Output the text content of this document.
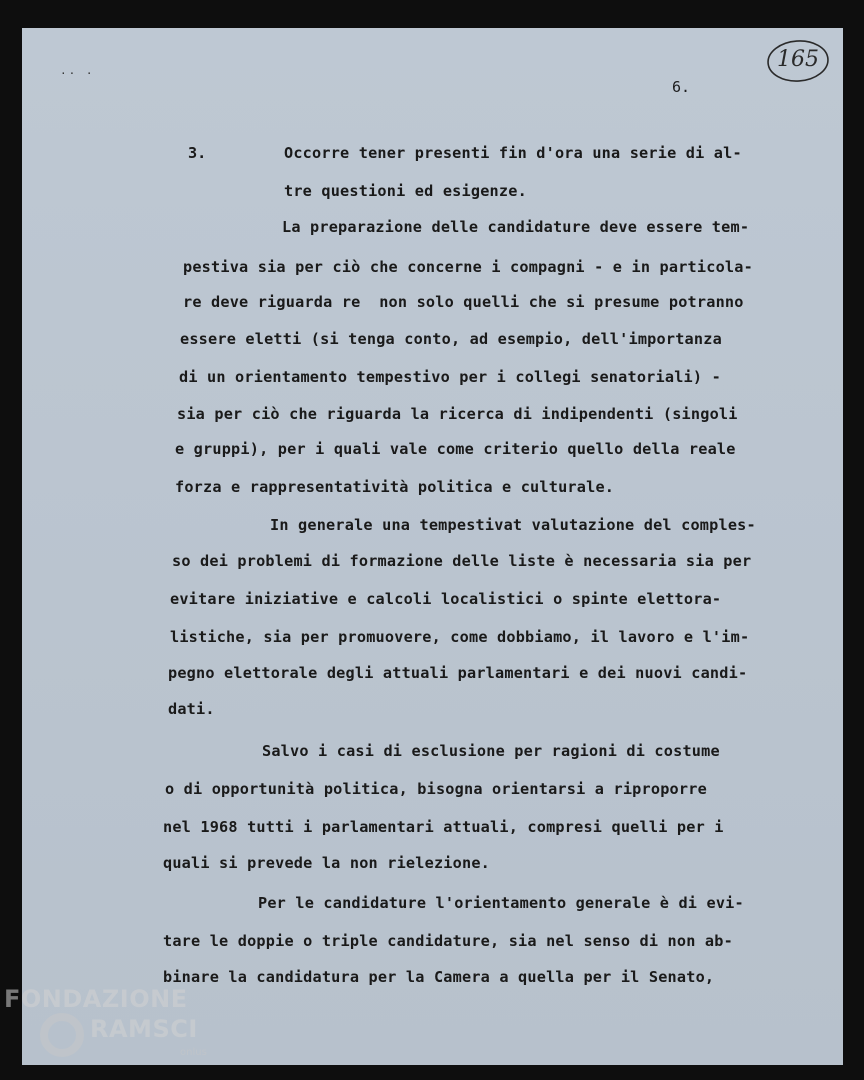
.. .	165
6.
3.	Occorre tener presenti fin d'ora una serie di al-
tre questioni ed esigenze.
La preparazione delle candidature deve essere tem-
pestiva sia per ciò che concerne i compagni - e in particola-
re deve riguarda re  non solo quelli che si presume potranno
essere eletti (si tenga conto, ad esempio, dell'importanza
di un orientamento tempestivo per i collegi senatoriali) -
sia per ciò che riguarda la ricerca di indipendenti (singoli
e gruppi), per i quali vale come criterio quello della reale
forza e rappresentatività politica e culturale.
In generale una tempestivat valutazione del comples-
so dei problemi di formazione delle liste è necessaria sia per
evitare iniziative e calcoli localistici o spinte elettora-
listiche, sia per promuovere, come dobbiamo, il lavoro e l'im-
pegno elettorale degli attuali parlamentari e dei nuovi candi-
dati.
Salvo i casi di esclusione per ragioni di costume
o di opportunità politica, bisogna orientarsi a riproporre
nel 1968 tutti i parlamentari attuali, compresi quelli per i
quali si prevede la non rielezione.
Per le candidature l'orientamento generale è di evi-
tare le doppie o triple candidature, sia nel senso di non ab-
binare la candidatura per la Camera a quella per il Senato,
FONDAZIONE
RAMSCI
onlus
